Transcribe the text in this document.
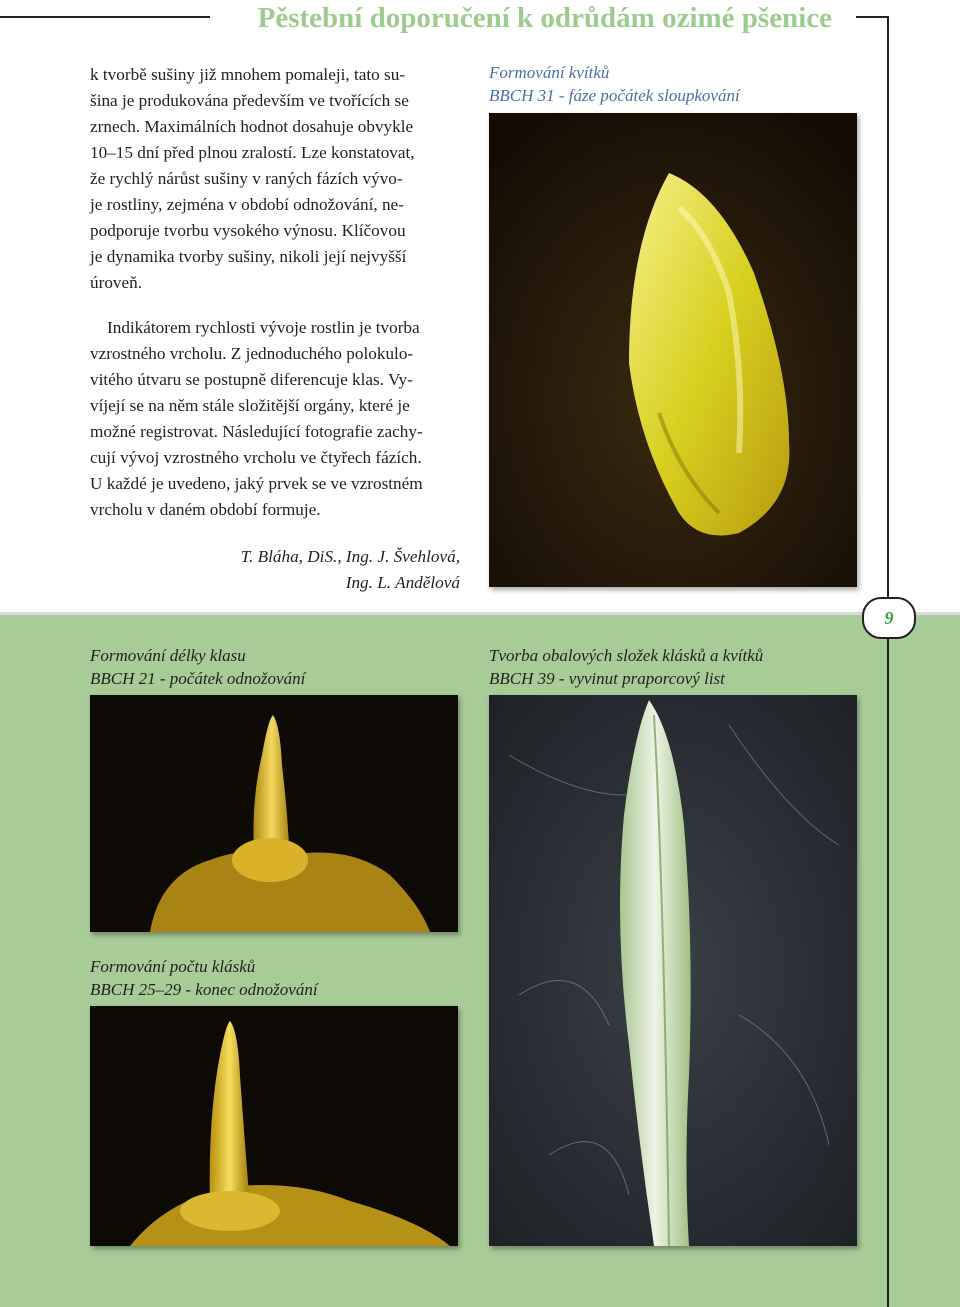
Pěstební doporučení k odrůdám ozimé pšenice
k tvorbě sušiny již mnohem pomaleji, tato su-
šina je produkována především ve tvořících se
zrnech. Maximálních hodnot dosahuje obvykle
10–15 dní před plnou zralostí. Lze konstatovat,
že rychlý nárůst sušiny v raných fázích vývo-
je rostliny, zejména v období odnožování, ne-
podporuje tvorbu vysokého výnosu. Klíčovou
je dynamika tvorby sušiny, nikoli její nejvyšší
úroveň.
Indikátorem rychlosti vývoje rostlin je tvorba
vzrostného vrcholu. Z jednoduchého polokulo-
vitého útvaru se postupně diferencuje klas. Vy-
víjejí se na něm stále složitější orgány, které je
možné registrovat. Následující fotografie zachy-
cují vývoj vzrostného vrcholu ve čtyřech fázích.
U každé je uvedeno, jaký prvek se ve vzrostném
vrcholu v daném období formuje.
T. Bláha, DiS., Ing. J. Švehlová,
Ing. L. Andělová
Formování kvítků
BBCH 31 - fáze počátek sloupkování
9
Formování délky klasu
BBCH 21 - počátek odnožování
Formování počtu klásků
BBCH 25–29 - konec odnožování
Tvorba obalových složek klásků a kvítků
BBCH 39 - vyvinut praporcový list
